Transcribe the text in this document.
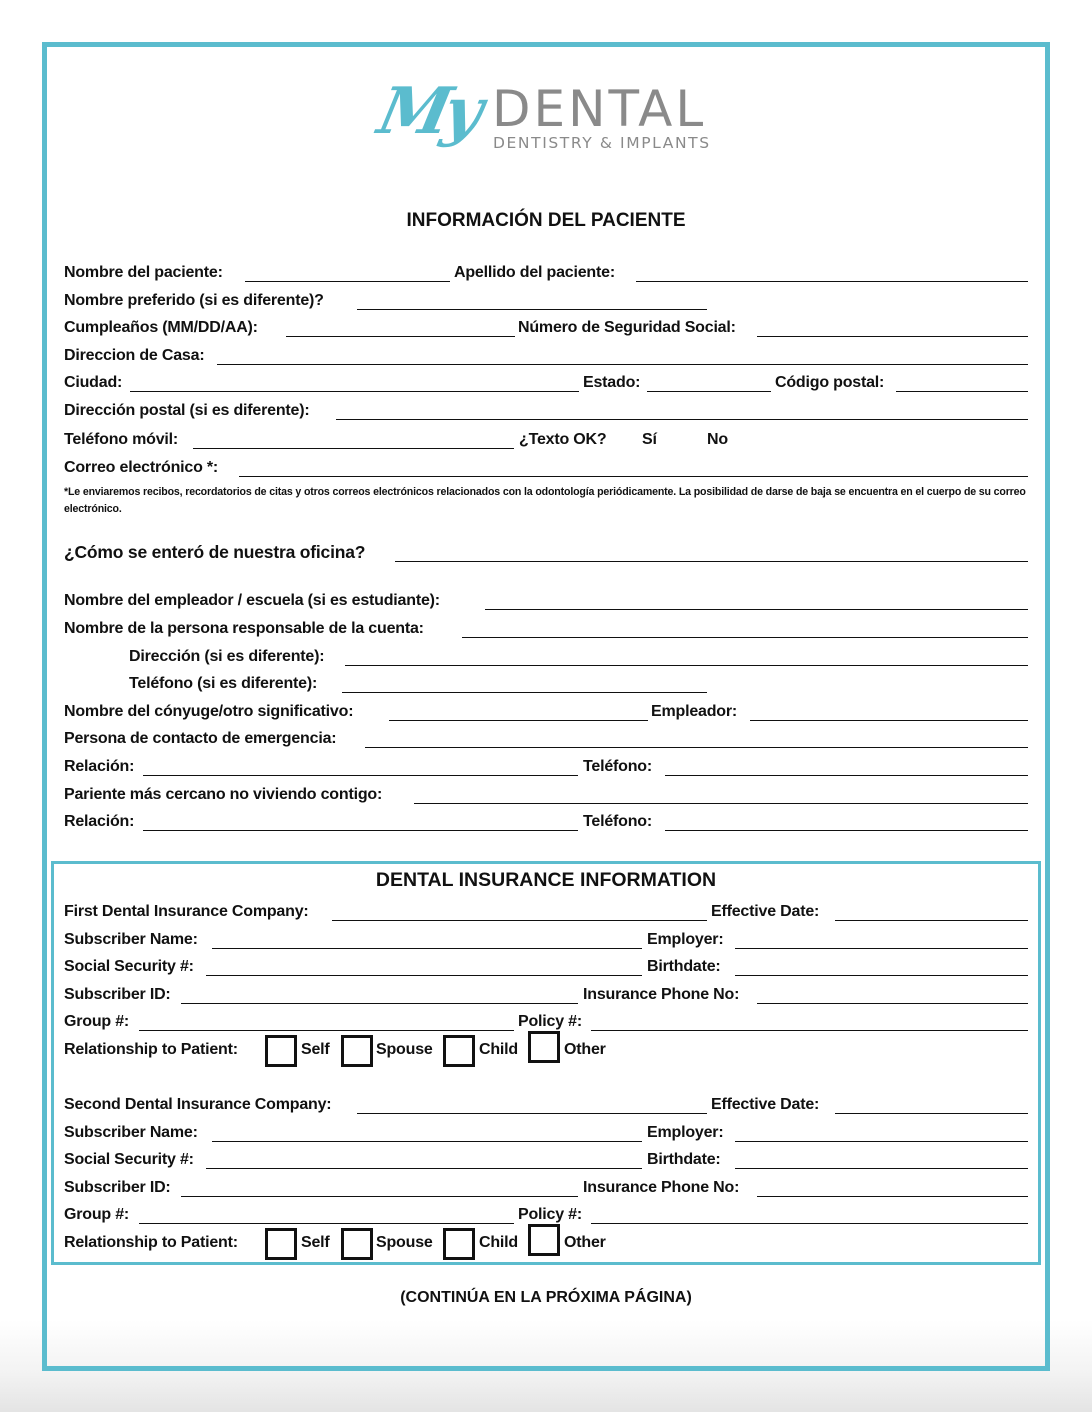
My DENTAL
DENTISTRY & IMPLANTS
INFORMACIÓN DEL PACIENTE
Nombre del paciente:	Apellido del paciente:
Nombre preferido (si es diferente)?
Cumpleaños (MM/DD/AA):	Número de Seguridad Social:
Direccion de Casa:
Ciudad:	Estado:	Código postal:
Dirección postal (si es diferente):
Teléfono móvil:	¿Texto OK? Sí	No
Correo electrónico *:
*Le enviaremos recibos, recordatorios de citas y otros correos electrónicos relacionados con la odontología periódicamente. La posibilidad de darse de baja se encuentra en el cuerpo de su correo electrónico.
¿Cómo se enteró de nuestra oficina?
Nombre del empleador / escuela (si es estudiante):
Nombre de la persona responsable de la cuenta:
Dirección (si es diferente):
Teléfono (si es diferente):
Nombre del cónyuge/otro significativo:	Empleador:
Persona de contacto de emergencia:
Relación:	Teléfono:
Pariente más cercano no viviendo contigo:
Relación:	Teléfono:
DENTAL INSURANCE INFORMATION
First Dental Insurance Company:	Effective Date:
Subscriber Name:	Employer:
Social Security #:	Birthdate:
Subscriber ID:	Insurance Phone No:
Group #:	Policy #:
Relationship to Patient:	Self	Spouse	Child	Other
Second Dental Insurance Company:	Effective Date:
Subscriber Name:	Employer:
Social Security #:	Birthdate:
Subscriber ID:	Insurance Phone No:
Group #:	Policy #:
Relationship to Patient:	Self	Spouse	Child	Other
(CONTINÚA EN LA PRÓXIMA PÁGINA)
